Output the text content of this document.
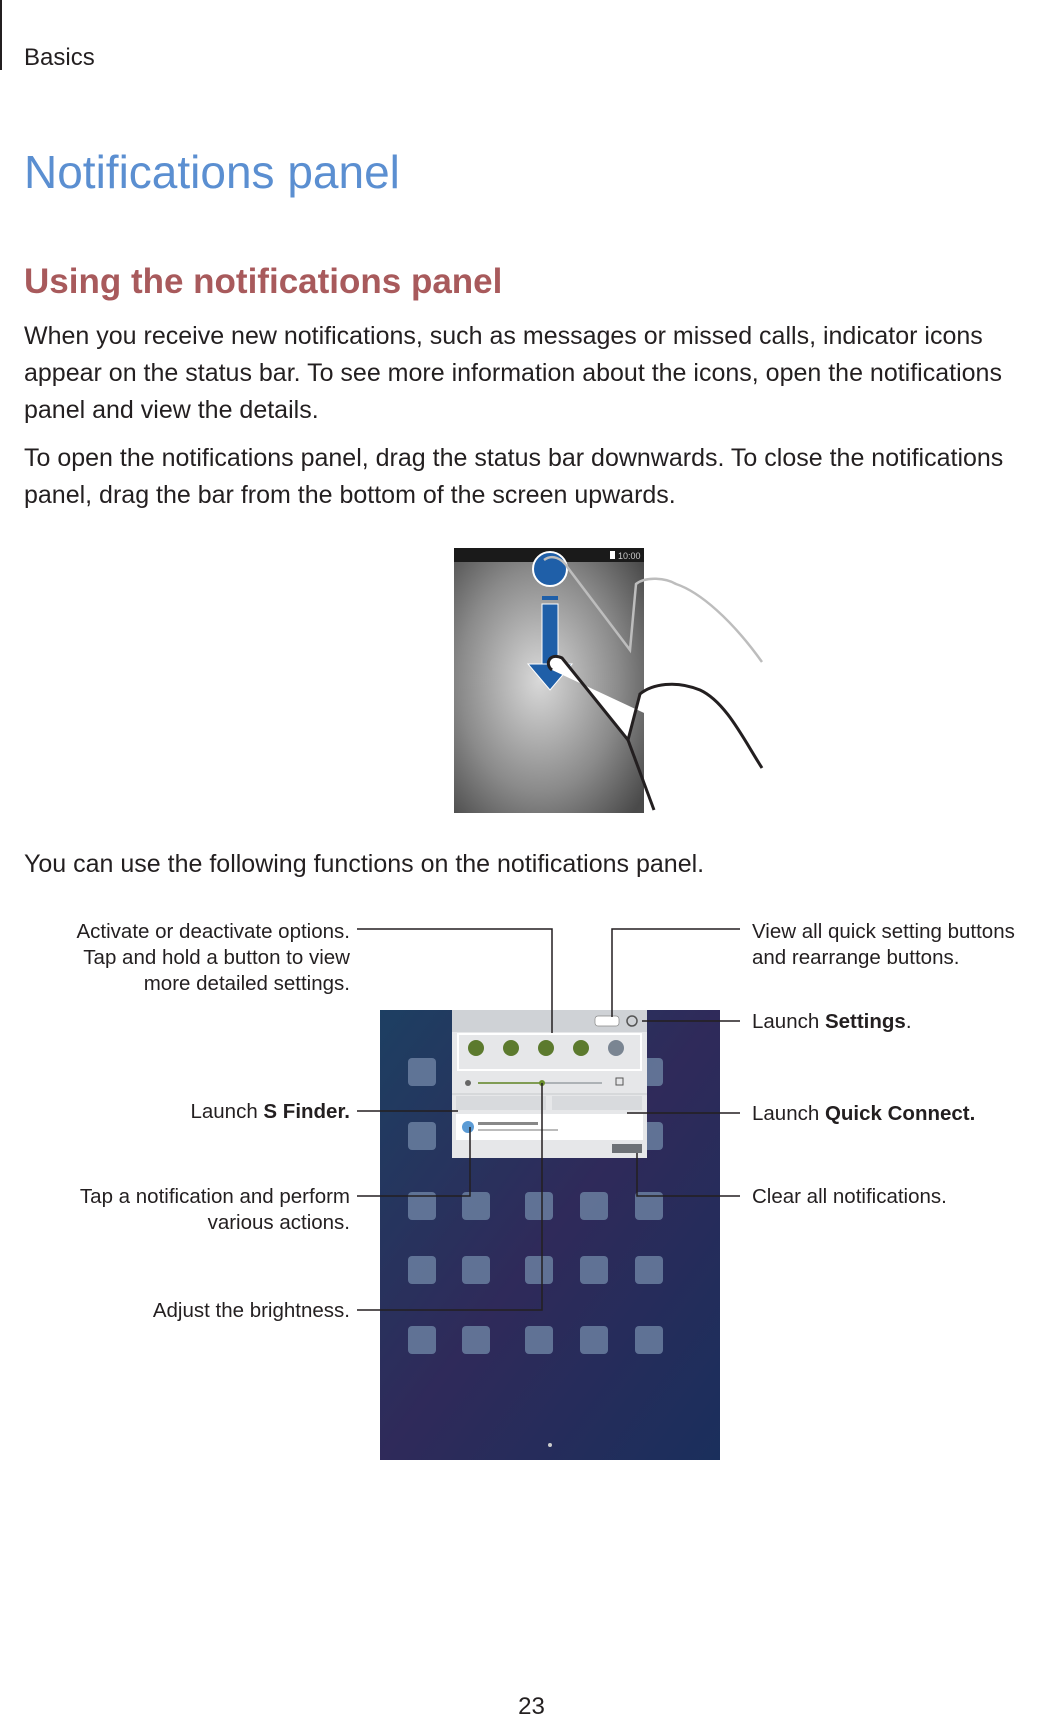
Basics
Notifications panel
Using the notifications panel
When you receive new notifications, such as messages or missed calls, indicator icons appear on the status bar. To see more information about the icons, open the notifications panel and view the details.
To open the notifications panel, drag the status bar downwards. To close the notifications panel, drag the bar from the bottom of the screen upwards.
10:00
You can use the following functions on the notifications panel.
Activate or deactivate options. Tap and hold a button to view more detailed settings.
View all quick setting buttons and rearrange buttons.
Launch Settings.
Launch S Finder.	Launch Quick Connect.
Tap a notification and perform various actions.
Clear all notifications.
Adjust the brightness.
23
